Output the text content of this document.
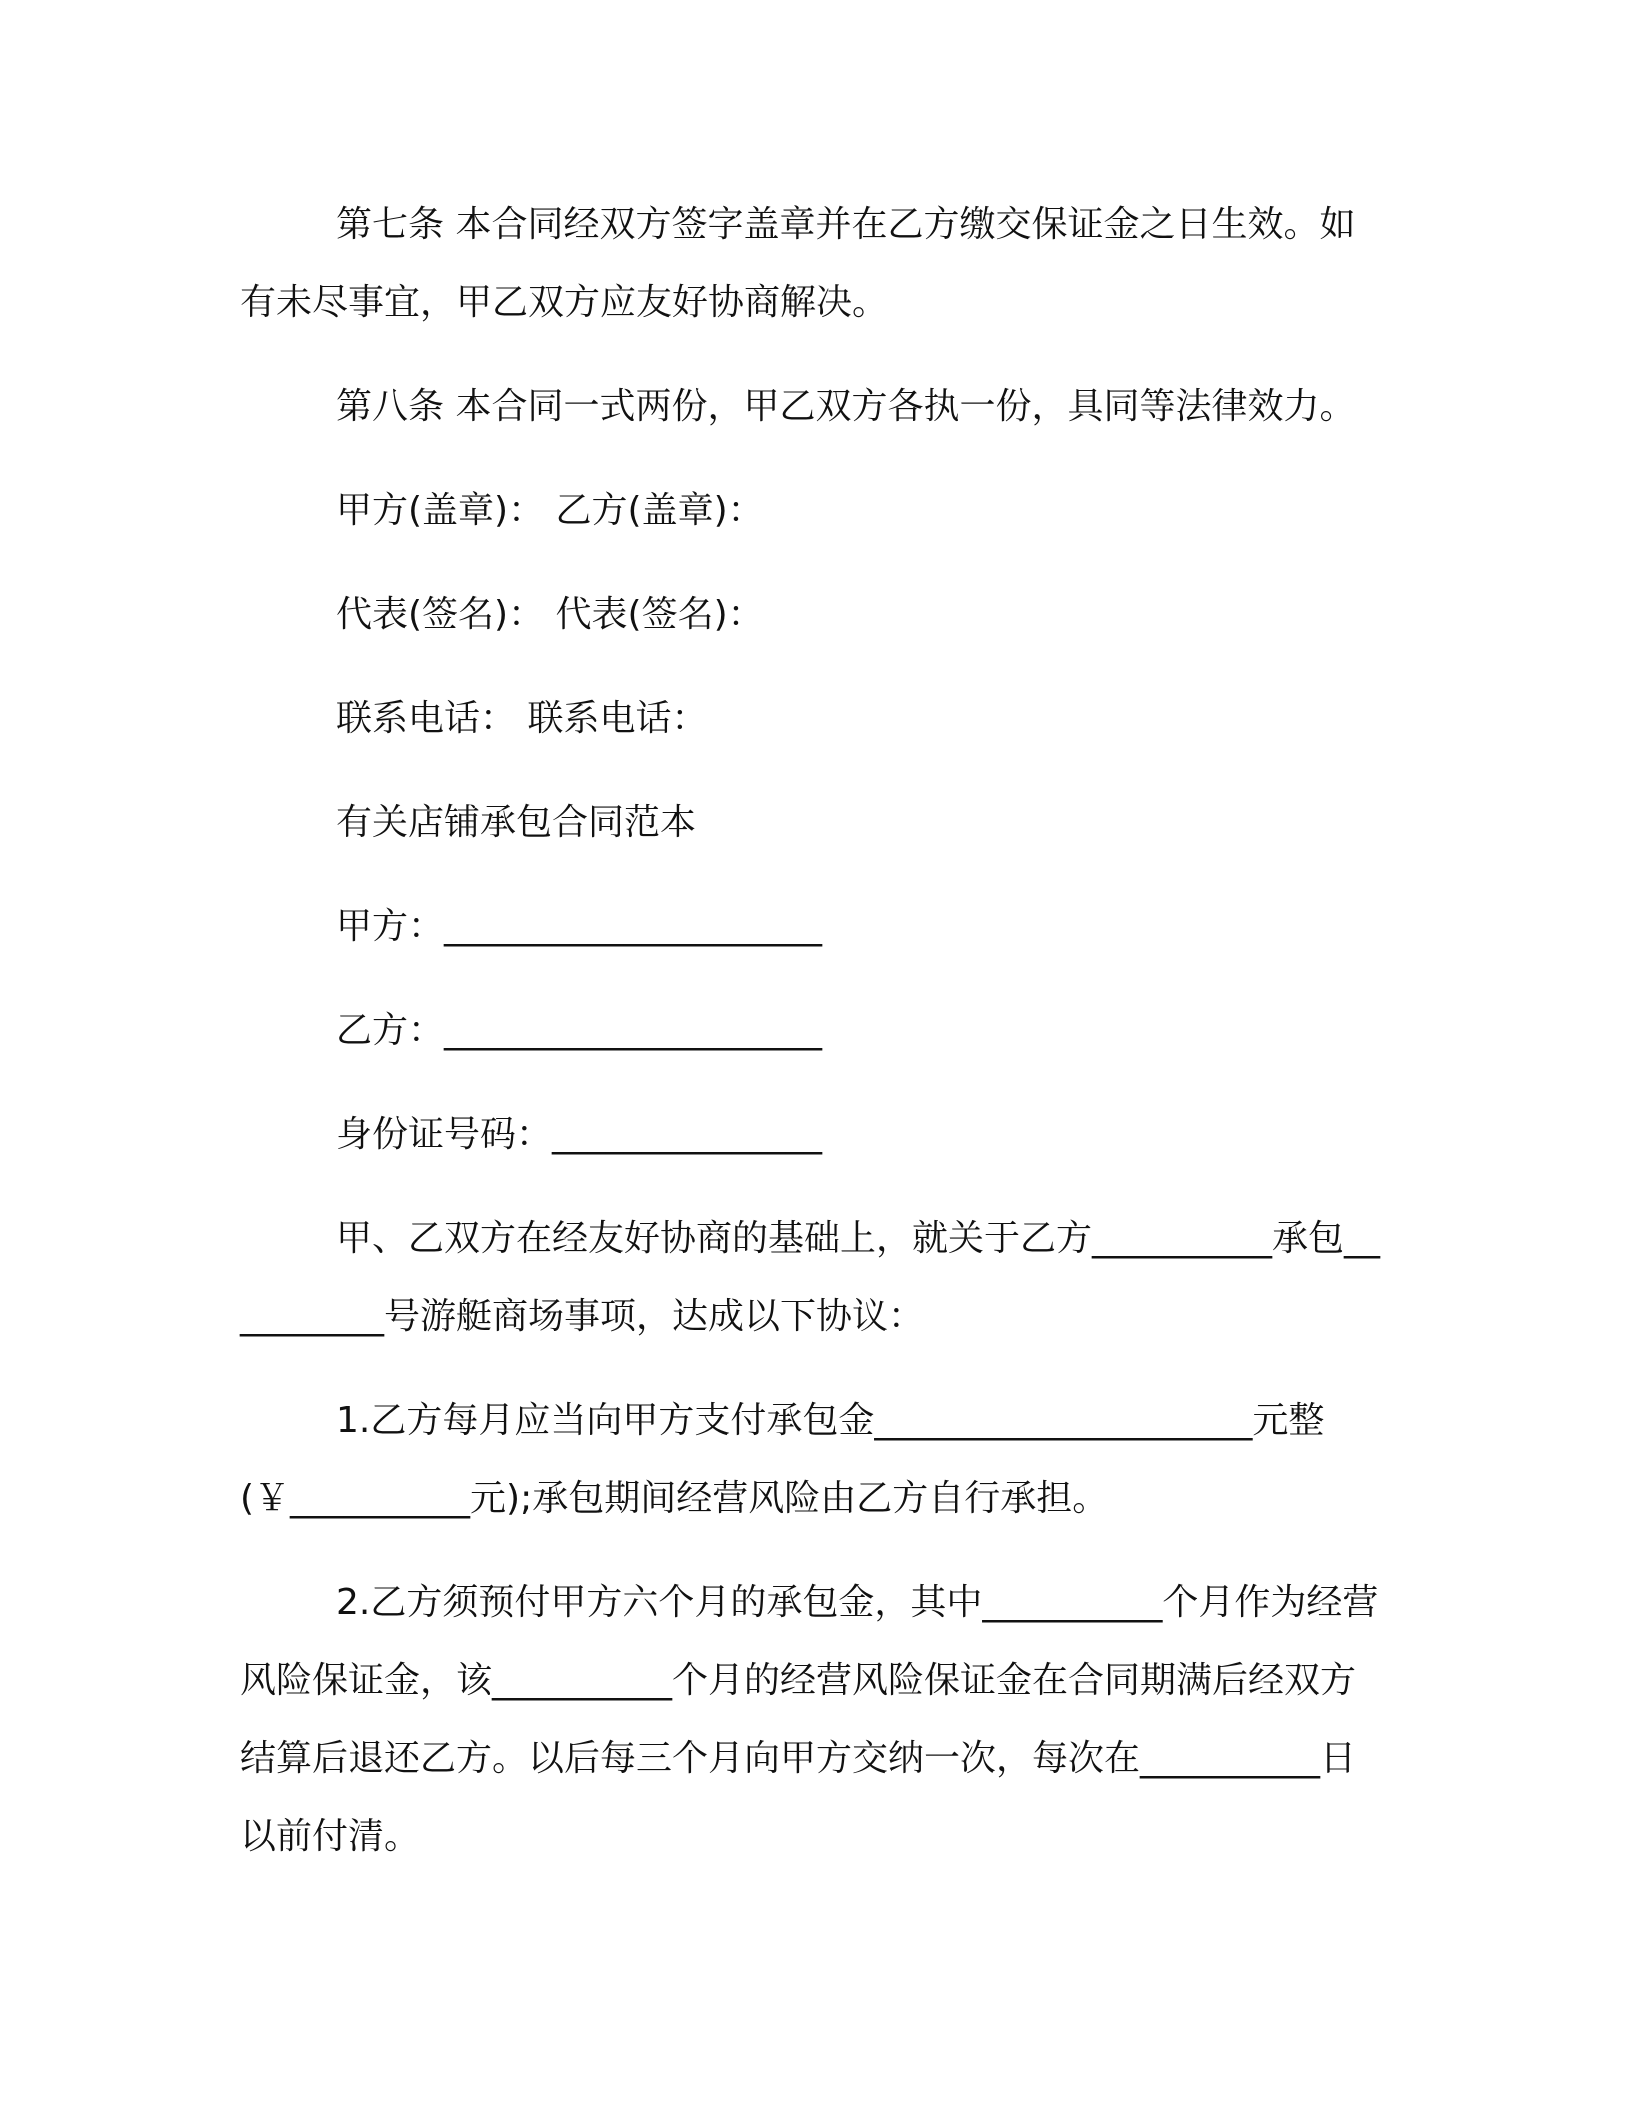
第七条 本合同经双方签字盖章并在乙方缴交保证金之日生效。如有未尽事宜，甲乙双方应友好协商解决。

第八条 本合同一式两份，甲乙双方各执一份，具同等法律效力。

甲方(盖章)： 乙方(盖章)：

代表(签名)： 代表(签名)：

联系电话： 联系电话：

有关店铺承包合同范本

甲方：_____________________

乙方：_____________________

身份证号码：_______________

甲、乙双方在经友好协商的基础上，就关于乙方__________承包__________号游艇商场事项，达成以下协议：

1.乙方每月应当向甲方支付承包金_____________________元整(￥__________元);承包期间经营风险由乙方自行承担。

2.乙方须预付甲方六个月的承包金，其中__________个月作为经营风险保证金，该__________个月的经营风险保证金在合同期满后经双方结算后退还乙方。以后每三个月向甲方交纳一次，每次在__________日以前付清。
